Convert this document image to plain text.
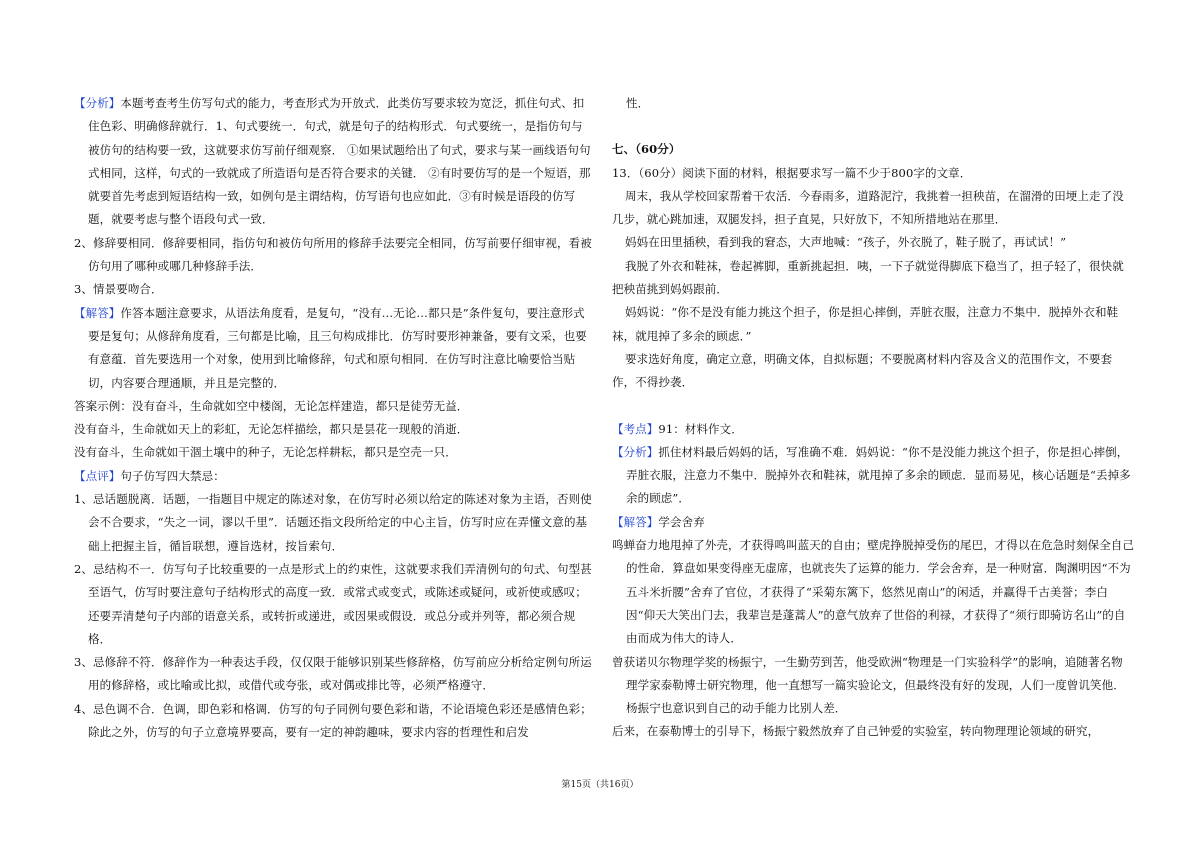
【分析】本题考查考生仿写句式的能力，考查形式为开放式．此类仿写要求较为宽泛，抓住句式、扣住色彩、明确修辞就行．1、句式要统一．句式，就是句子的结构形式．句式要统一，是指仿句与被仿句的结构要一致，这就要求仿写前仔细观察． ①如果试题给出了句式，要求与某一画线语句句式相同，这样，句式的一致就成了所造语句是否符合要求的关键． ②有时要仿写的是一个短语，那就要首先考虑到短语结构一致，如例句是主谓结构，仿写语句也应如此．③有时候是语段的仿写题，就要考虑与整个语段句式一致．

2、修辞要相同．修辞要相同，指仿句和被仿句所用的修辞手法要完全相同，仿写前要仔细审视，看被仿句用了哪种或哪几种修辞手法．

3、情景要吻合．

【解答】作答本题注意要求，从语法角度看，是复句，“没有…无论…都只是”条件复句，要注意形式要是复句；从修辞角度看，三句都是比喻，且三句构成排比．仿写时要形神兼备，要有文采，也要有意蕴．首先要选用一个对象，使用到比喻修辞，句式和原句相同．在仿写时注意比喻要恰当贴切，内容要合理通顺，并且是完整的．

答案示例：没有奋斗，生命就如空中楼阁，无论怎样建造，都只是徒劳无益．

没有奋斗，生命就如天上的彩虹，无论怎样描绘，都只是昙花一现般的消逝．

没有奋斗，生命就如干涸土壤中的种子，无论怎样耕耘，都只是空壳一只．

【点评】句子仿写四大禁忌：

1、忌话题脱离．话题，一指题目中规定的陈述对象，在仿写时必须以给定的陈述对象为主语，否则使会不合要求，“失之一词，谬以千里”．话题还指文段所给定的中心主旨，仿写时应在弄懂文意的基础上把握主旨，循旨联想，遵旨选材，按旨索句．

2、忌结构不一．仿写句子比较重要的一点是形式上的约束性，这就要求我们弄清例句的句式、句型甚至语气，仿写时要注意句子结构形式的高度一致．或常式或变式，或陈述或疑问，或祈使或感叹；还要弄清楚句子内部的语意关系，或转折或递进，或因果或假设．或总分或并列等，都必须合规格．

3、忌修辞不符．修辞作为一种表达手段，仅仅限于能够识别某些修辞格，仿写前应分析给定例句所运用的修辞格，或比喻或比拟，或借代或夸张，或对偶或排比等，必须严格遵守．

4、忌色调不合．色调，即色彩和格调．仿写的句子同例句要色彩和谐，不论语境色彩还是感情色彩；除此之外，仿写的句子立意境界要高，要有一定的神韵趣味，要求内容的哲理性和启发

性．

七、（60分）

13．（60分）阅读下面的材料，根据要求写一篇不少于800字的文章．

周末，我从学校回家帮着干农活．今春雨多，道路泥泞，我挑着一担秧苗，在溜滑的田埂上走了没几步，就心跳加速，双腿发抖，担子直晃，只好放下，不知所措地站在那里．

妈妈在田里插秧，看到我的窘态，大声地喊：“孩子，外衣脱了，鞋子脱了，再试试！”

我脱了外衣和鞋袜，卷起裤脚，重新挑起担．咦，一下子就觉得脚底下稳当了，担子轻了，很快就把秧苗挑到妈妈跟前．

妈妈说：“你不是没有能力挑这个担子，你是担心摔倒，弄脏衣服，注意力不集中．脱掉外衣和鞋袜，就甩掉了多余的顾虑．”

要求选好角度，确定立意，明确文体，自拟标题；不要脱离材料内容及含义的范围作文，不要套作，不得抄袭．

【考点】91：材料作文．

【分析】抓住材料最后妈妈的话，写准确不难．妈妈说：“你不是没能力挑这个担子，你是担心摔倒，弄脏衣服，注意力不集中．脱掉外衣和鞋袜，就甩掉了多余的顾虑．显而易见，核心话题是“丢掉多余的顾虑”．

【解答】学会舍弃

鸣蝉奋力地甩掉了外壳，才获得鸣叫蓝天的自由；壁虎挣脱掉受伤的尾巴，才得以在危急时刻保全自己的性命．算盘如果变得座无虚席，也就丧失了运算的能力．学会舍弃，是一种财富．陶渊明因“不为五斗米折腰”舍弃了官位，才获得了“采菊东篱下，悠然见南山”的闲适，并赢得千古美誉；李白因“仰天大笑出门去，我辈岂是蓬蒿人”的意气放弃了世俗的利禄，才获得了“须行即骑访名山”的自由而成为伟大的诗人．

曾获诺贝尔物理学奖的杨振宁，一生勤劳到苦，他受欧洲“物理是一门实验科学”的影响，追随著名物理学家泰勒博士研究物理，他一直想写一篇实验论文，但最终没有好的发现，人们一度曾讥笑他．杨振宁也意识到自己的动手能力比别人差．

后来，在泰勒博士的引导下，杨振宁毅然放弃了自己钟爱的实验室，转向物理理论领域的研究，

第15页（共16页）
